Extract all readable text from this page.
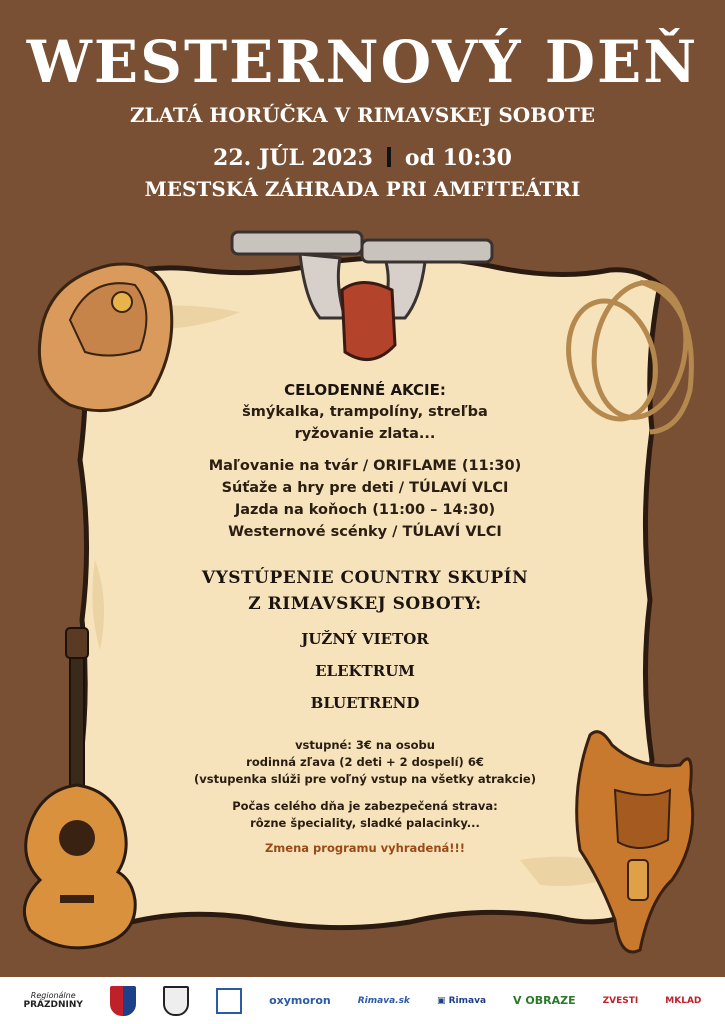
WESTERNOVÝ DEŇ
ZLATÁ HORÚČKA V RIMAVSKEJ SOBOTE
22. JÚL 2023 od 10:30
MESTSKÁ ZÁHRADA PRI AMFITEÁTRI
CELODENNÉ AKCIE:
šmýkalka, trampolíny, streľba
ryžovanie zlata...
Maľovanie na tvár / ORIFLAME (11:30)
Súťaže a hry pre deti / TÚLAVÍ VLCI
Jazda na koňoch (11:00 – 14:30)
Westernové scénky / TÚLAVÍ VLCI
VYSTÚPENIE COUNTRY SKUPÍN
Z RIMAVSKEJ SOBOTY:
JUŽNÝ VIETOR
ELEKTRUM
BLUETREND
vstupné: 3€ na osobu
rodinná zľava (2 deti + 2 dospelí) 6€
(vstupenka slúži pre voľný vstup na všetky atrakcie)
Počas celého dňa je zabezpečená strava:
rôzne špeciality, sladké palacinky...
Zmena programu vyhradená!!!
Regionálne
PRÁZDNINY	oxymoron	Rimava.sk	▣ Rimava V OBRAZE	ZVESTI	MKLAD
